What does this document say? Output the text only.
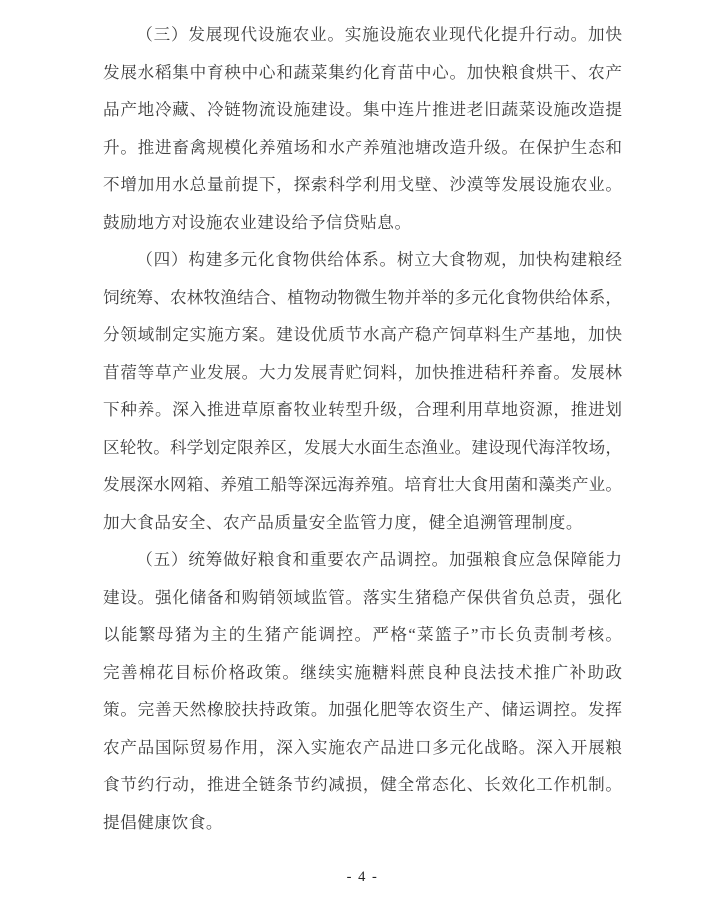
（三）发展现代设施农业。实施设施农业现代化提升行动。加快
发展水稻集中育秧中心和蔬菜集约化育苗中心。加快粮食烘干、农产
品产地冷藏、冷链物流设施建设。集中连片推进老旧蔬菜设施改造提
升。推进畜禽规模化养殖场和水产养殖池塘改造升级。在保护生态和
不增加用水总量前提下，探索科学利用戈壁、沙漠等发展设施农业。
鼓励地方对设施农业建设给予信贷贴息。
（四）构建多元化食物供给体系。树立大食物观，加快构建粮经
饲统筹、农林牧渔结合、植物动物微生物并举的多元化食物供给体系，
分领域制定实施方案。建设优质节水高产稳产饲草料生产基地，加快
苜蓿等草产业发展。大力发展青贮饲料，加快推进秸秆养畜。发展林
下种养。深入推进草原畜牧业转型升级，合理利用草地资源，推进划
区轮牧。科学划定限养区，发展大水面生态渔业。建设现代海洋牧场，
发展深水网箱、养殖工船等深远海养殖。培育壮大食用菌和藻类产业。
加大食品安全、农产品质量安全监管力度，健全追溯管理制度。
（五）统筹做好粮食和重要农产品调控。加强粮食应急保障能力
建设。强化储备和购销领域监管。落实生猪稳产保供省负总责，强化
以能繁母猪为主的生猪产能调控。严格“菜篮子”市长负责制考核。
完善棉花目标价格政策。继续实施糖料蔗良种良法技术推广补助政
策。完善天然橡胶扶持政策。加强化肥等农资生产、储运调控。发挥
农产品国际贸易作用，深入实施农产品进口多元化战略。深入开展粮
食节约行动，推进全链条节约减损，健全常态化、长效化工作机制。
提倡健康饮食。
- 4 -
